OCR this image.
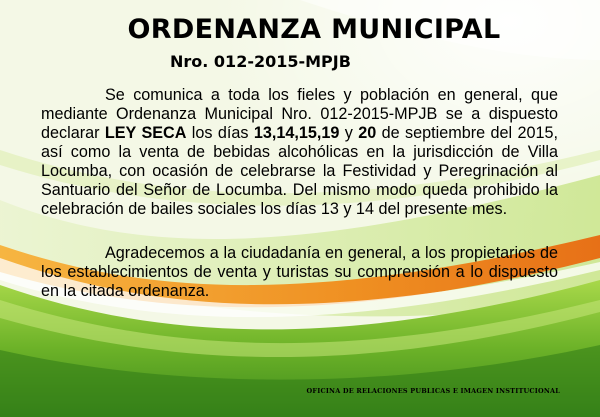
ORDENANZA MUNICIPAL
Nro. 012-2015-MPJB

Se comunica a toda los fieles y población en general, que mediante Ordenanza Municipal Nro. 012-2015-MPJB se a dispuesto declarar LEY SECA los días 13,14,15,19 y 20 de septiembre del 2015, así como la venta de bebidas alcohólicas en la jurisdicción de Villa Locumba, con ocasión de celebrarse la Festividad y Peregrinación al Santuario del Señor de Locumba. Del mismo modo queda prohibido la celebración de bailes sociales los días 13 y 14 del presente mes.

Agradecemos a la ciudadanía en general, a los propietarios de los establecimientos de venta y turistas su comprensión a lo dispuesto en la citada ordenanza.

OFICINA DE RELACIONES PUBLICAS E IMAGEN INSTITUCIONAL
